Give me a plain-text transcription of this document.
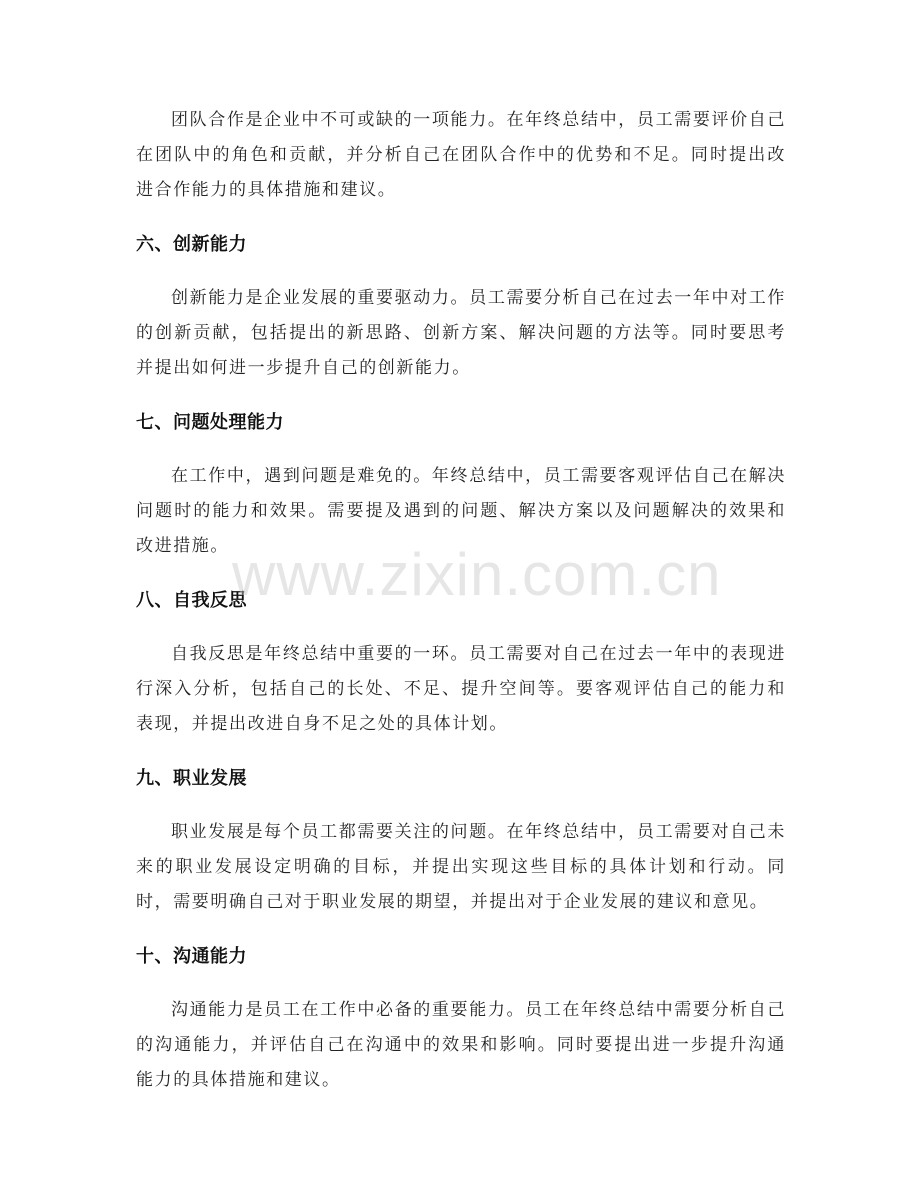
团队合作是企业中不可或缺的一项能力。在年终总结中，员工需要评价自己在团队中的角色和贡献，并分析自己在团队合作中的优势和不足。同时提出改进合作能力的具体措施和建议。

六、创新能力

创新能力是企业发展的重要驱动力。员工需要分析自己在过去一年中对工作的创新贡献，包括提出的新思路、创新方案、解决问题的方法等。同时要思考并提出如何进一步提升自己的创新能力。

七、问题处理能力

在工作中，遇到问题是难免的。年终总结中，员工需要客观评估自己在解决问题时的能力和效果。需要提及遇到的问题、解决方案以及问题解决的效果和改进措施。

八、自我反思

自我反思是年终总结中重要的一环。员工需要对自己在过去一年中的表现进行深入分析，包括自己的长处、不足、提升空间等。要客观评估自己的能力和表现，并提出改进自身不足之处的具体计划。

九、职业发展

职业发展是每个员工都需要关注的问题。在年终总结中，员工需要对自己未来的职业发展设定明确的目标，并提出实现这些目标的具体计划和行动。同时，需要明确自己对于职业发展的期望，并提出对于企业发展的建议和意见。

十、沟通能力

沟通能力是员工在工作中必备的重要能力。员工在年终总结中需要分析自己的沟通能力，并评估自己在沟通中的效果和影响。同时要提出进一步提升沟通能力的具体措施和建议。

www.zixin.com.cn
